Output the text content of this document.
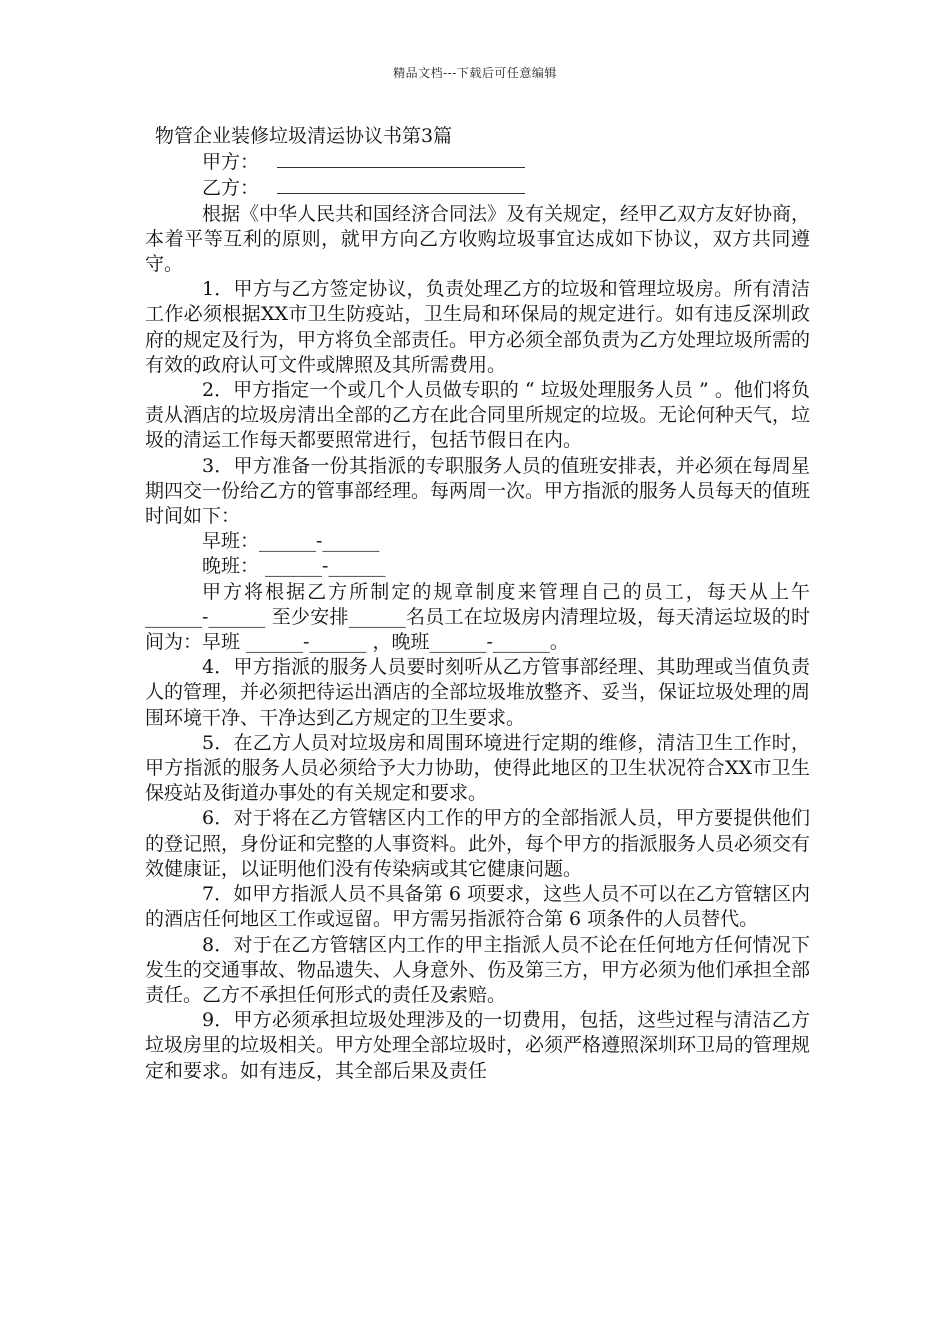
精品文档---下载后可任意编辑

物管企业装修垃圾清运协议书第3篇

甲方：

乙方：

根据《中华人民共和国经济合同法》及有关规定，经甲乙双方友好协商，本着平等互利的原则，就甲方向乙方收购垃圾事宜达成如下协议，双方共同遵守。

1．甲方与乙方签定协议，负责处理乙方的垃圾和管理垃圾房。所有清洁工作必须根据XX市卫生防疫站，卫生局和环保局的规定进行。如有违反深圳政府的规定及行为，甲方将负全部责任。甲方必须全部负责为乙方处理垃圾所需的有效的政府认可文件或牌照及其所需费用。

2．甲方指定一个或几个人员做专职的 “ 垃圾处理服务人员 ” 。他们将负责从酒店的垃圾房清出全部的乙方在此合同里所规定的垃圾。无论何种天气，垃圾的清运工作每天都要照常进行，包括节假日在内。

3．甲方准备一份其指派的专职服务人员的值班安排表，并必须在每周星期四交一份给乙方的管事部经理。每两周一次。甲方指派的服务人员每天的值班时间如下：

早班：______-______

晚班： ______-______

甲方将根据乙方所制定的规章制度来管理自己的员工，每天从上午 ______-______ 至少安排______名员工在垃圾房内清理垃圾，每天清运垃圾的时间为：早班 ______-______ ，晚班______-______。

4．甲方指派的服务人员要时刻听从乙方管事部经理、其助理或当值负责人的管理，并必须把待运出酒店的全部垃圾堆放整齐、妥当，保证垃圾处理的周围环境干净、干净达到乙方规定的卫生要求。

5．在乙方人员对垃圾房和周围环境进行定期的维修，清洁卫生工作时，甲方指派的服务人员必须给予大力协助，使得此地区的卫生状况符合XX市卫生保疫站及街道办事处的有关规定和要求。

6．对于将在乙方管辖区内工作的甲方的全部指派人员，甲方要提供他们的登记照，身份证和完整的人事资料。此外，每个甲方的指派服务人员必须交有效健康证，以证明他们没有传染病或其它健康问题。

7．如甲方指派人员不具备第 6 项要求，这些人员不可以在乙方管辖区内的酒店任何地区工作或逗留。甲方需另指派符合第 6 项条件的人员替代。

8．对于在乙方管辖区内工作的甲主指派人员不论在任何地方任何情况下发生的交通事故、物品遗失、人身意外、伤及第三方，甲方必须为他们承担全部责任。乙方不承担任何形式的责任及索赔。

9．甲方必须承担垃圾处理涉及的一切费用，包括，这些过程与清洁乙方垃圾房里的垃圾相关。甲方处理全部垃圾时，必须严格遵照深圳环卫局的管理规定和要求。如有违反，其全部后果及责任
